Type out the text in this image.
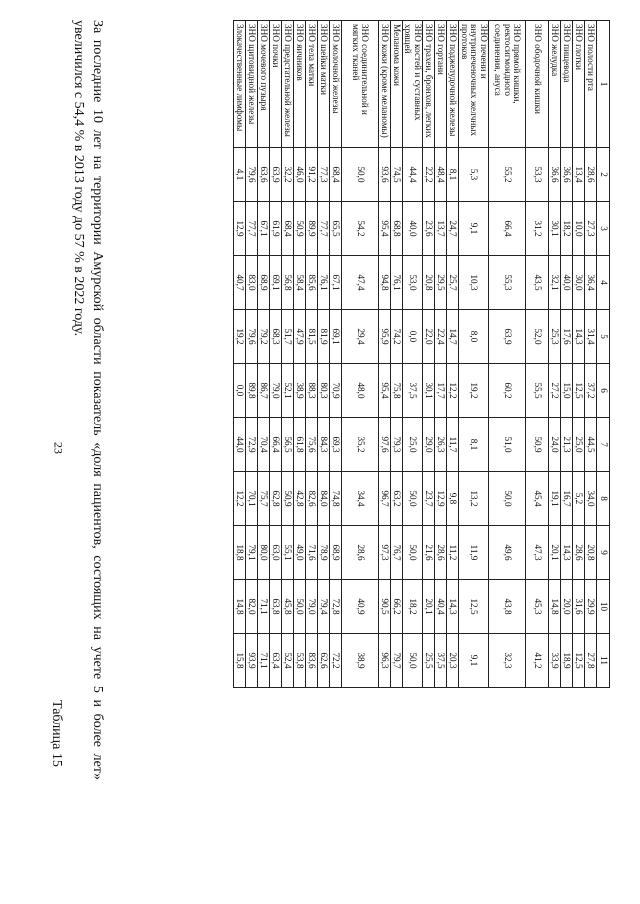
23
1	2	3	4	5	6	7	8	9	10	11
ЗНО полости рта	28,6	27,3	36,4	31,4	37,2	44,5	34,0	20,8	29,9	27,8
ЗНО глотки	13,4	10,0	30,0	14,3	12,5	25,0	5,2	28,6	31,6	12,5
ЗНО пищевода	36,6	18,2	40,0	17,6	15,0	21,3	16,7	14,3	20,0	18,9
ЗНО желудка	36,6	30,1	32,1	25,3	27,2	24,0	19,1	20,1	14,8	33,9
ЗНО ободочной кишки	53,3	31,2	43,5	52,0	55,5	50,9	45,4	47,3	45,3	41,2
ЗНО прямой кишки, ректосигмоидного соединения, ануса	55,2	66,4	55,3	63,9	60,2	51,0	50,0	49,6	43,8	32,3
ЗНО печени и внутрипеченочных желчных протоков	5,3	9,1	10,3	8,0	19,2	8,1	13,2	11,9	12,5	9,1
ЗНО поджелудочной железы	8,1	24,7	25,7	14,7	12,2	11,7	9,8	11,2	14,3	20,3
ЗНО гортани	48,4	13,7	29,5	22,4	17,7	26,3	12,9	28,6	40,4	37,5
ЗНО трахеи, бронхов, легких	22,2	23,6	20,8	22,0	30,1	29,0	23,7	21,6	20,1	25,5
ЗНО костей и суставных хрящей	44,4	40,0	53,0	0,0	37,5	25,0	50,0	50,0	18,2	50,0
Меланома кожи	74,5	68,8	76,1	74,2	75,8	79,3	63,2	76,7	66,2	79,7
ЗНО кожи (кроме меланомы)	93,6	95,4	94,8	95,9	95,4	97,6	96,7	97,3	90,5	96,3
ЗНО соединительной и мягких тканей	50,0	54,2	47,4	29,4	48,0	35,2	34,4	28,6	40,9	38,9
ЗНО молочной железы	68,4	65,5	67,1	69,1	70,9	69,3	74,8	68,9	72,8	72,2
ЗНО шейки матки	77,3	77,7	76,1	81,9	80,3	84,3	84,0	78,9	79,4	62,6
ЗНО тела матки	91,2	89,9	85,6	81,5	88,3	75,6	82,6	71,6	79,0	83,6
ЗНО яичников	46,0	50,9	58,4	47,9	38,9	61,8	42,8	49,0	50,0	53,8
ЗНО предстательной железы	32,2	68,4	56,8	51,7	52,1	56,5	50,9	55,1	45,8	52,4
ЗНО почки	63,9	61,9	69,1	68,3	79,0	66,4	62,8	63,0	63,8	63,4
ЗНО мочевого пузыря	63,6	67,1	68,9	79,2	86,7	70,4	75,7	80,0	71,1	71,1
ЗНО щитовидной железы	79,6	77,7	83,0	79,6	89,8	72,9	70,1	79,1	82,0	93,9
Злокачественные лимфомы	4,1	12,9	40,7	19,2	0,0	44,0	12,2	18,8	14,8	15,8
За последние 10 лет на территории Амурской области показатель «доля пациентов, состоящих на учете 5 и более лет» увеличился с 54,4 % в 2013 году до 57 % в 2022 году.
Таблица 15
